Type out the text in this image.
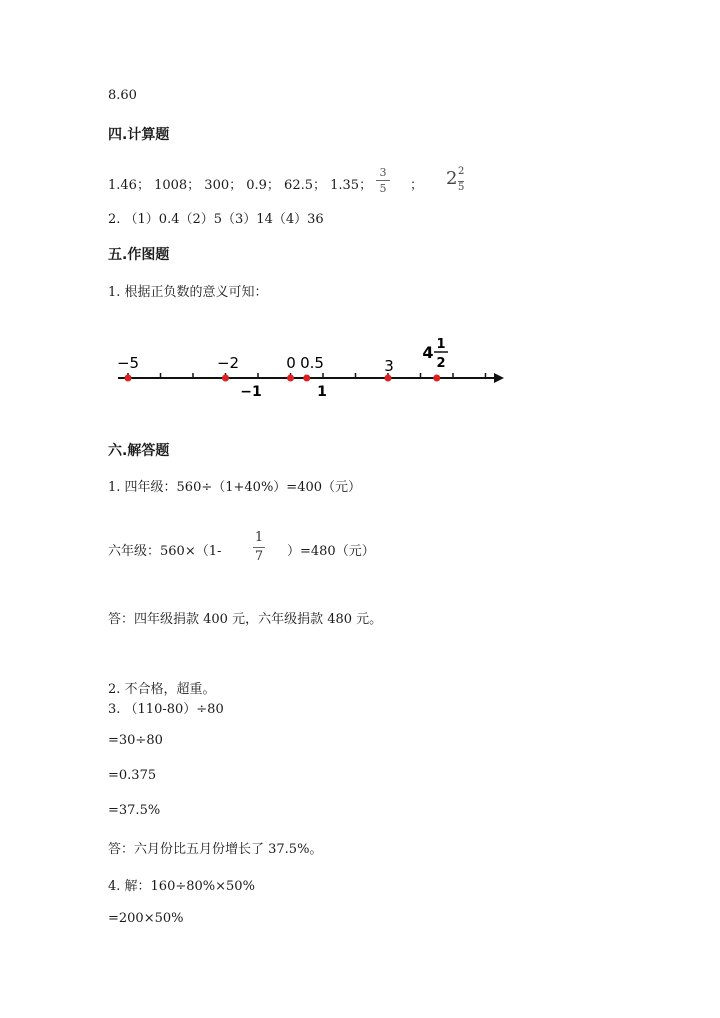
8.60
四.计算题
1.46； 1008； 300； 0.9； 62.5； 1.35；
3
5 ； 2 2
5
2. （1）0.4（2）5（3）14（4）36
五.作图题
1. 根据正负数的意义可知：
−5	−2	0 0.5	3
4 1
2
−1	1
六.解答题
1. 四年级：560÷（1+40%）=400（元）
六年级：560×（1-
1
7 ）=480（元）
答：四年级捐款 400 元，六年级捐款 480 元。
2. 不合格，超重。
3. （110-80）÷80
=30÷80
=0.375
=37.5%
答：六月份比五月份增长了 37.5%。
4. 解：160÷80%×50%
=200×50%
